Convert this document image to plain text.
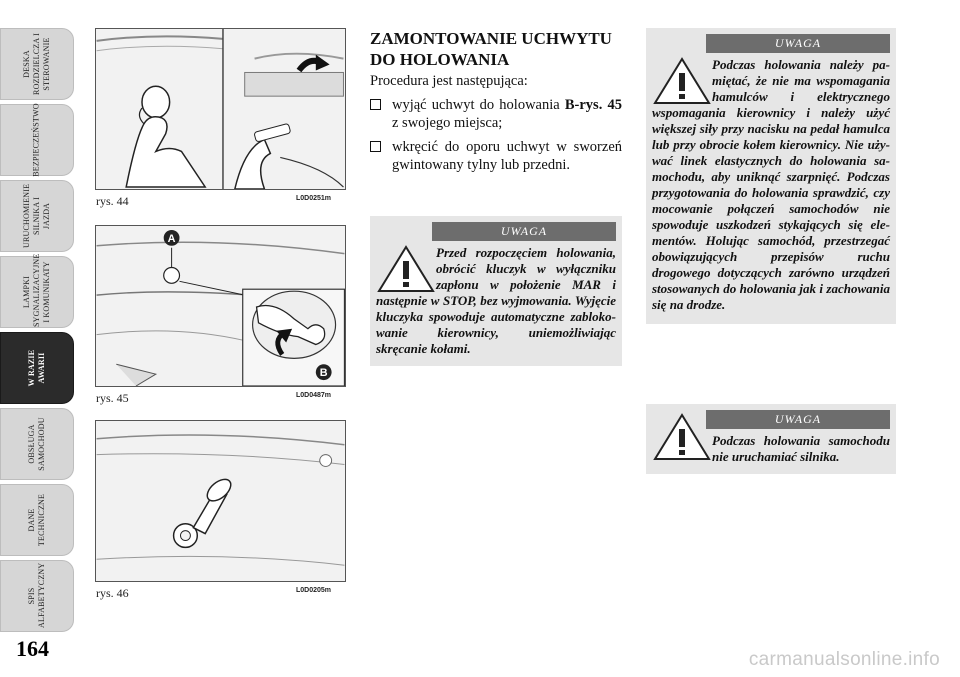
DESKA ROZDZIELCZA I STEROWANIE
BEZPIECZEŃSTWO
URUCHOMIENIE SILNIKA I JAZDA
LAMPKI SYGNALIZACYJNE I KOMUNIKATY
W RAZIE AWARII
OBSŁUGA SAMOCHODU
DANE TECHNICZNE
SPIS ALFABETYCZNY
164
rys. 44	L0D0251m
A
B
rys. 45	L0D0487m
rys. 46	L0D0205m
ZAMONTOWANIE UCHWYTU DO HOLOWANIA
Procedura jest następująca:
wyjąć uchwyt do holowania B-rys. 45 z swojego miejsca;
wkręcić do oporu uchwyt w sworzeń gwintowany tylny lub przedni.
UWAGA
Przed rozpoczęciem holowania, obrócić kluczyk w wyłączniku zapłonu w położenie MAR i następnie w STOP, bez wyjmowania. Wyjęcie kluczyka spowoduje automatyczne zablokowanie kierownicy, uniemożliwiając skręcanie kołami.
UWAGA
Podczas holowania należy pamiętać, że nie ma wspomagania hamulców i elektrycznego wspomagania kierownicy i należy użyć większej siły przy nacisku na pedał hamulca lub przy obrocie kołem kierownicy. Nie używać linek elastycznych do holowania samochodu, aby uniknąć szarpnięć. Podczas przygotowania do holowania sprawdzić, czy mocowanie połączeń samochodów nie spowoduje uszkodzeń stykających się elementów. Holując samochód, przestrzegać obowiązujących przepisów ruchu drogowego dotyczących zarówno urządzeń stosowanych do holowania jak i zachowania się na drodze.
UWAGA
Podczas holowania samochodu nie uruchamiać silnika.
carmanualsonline.info
